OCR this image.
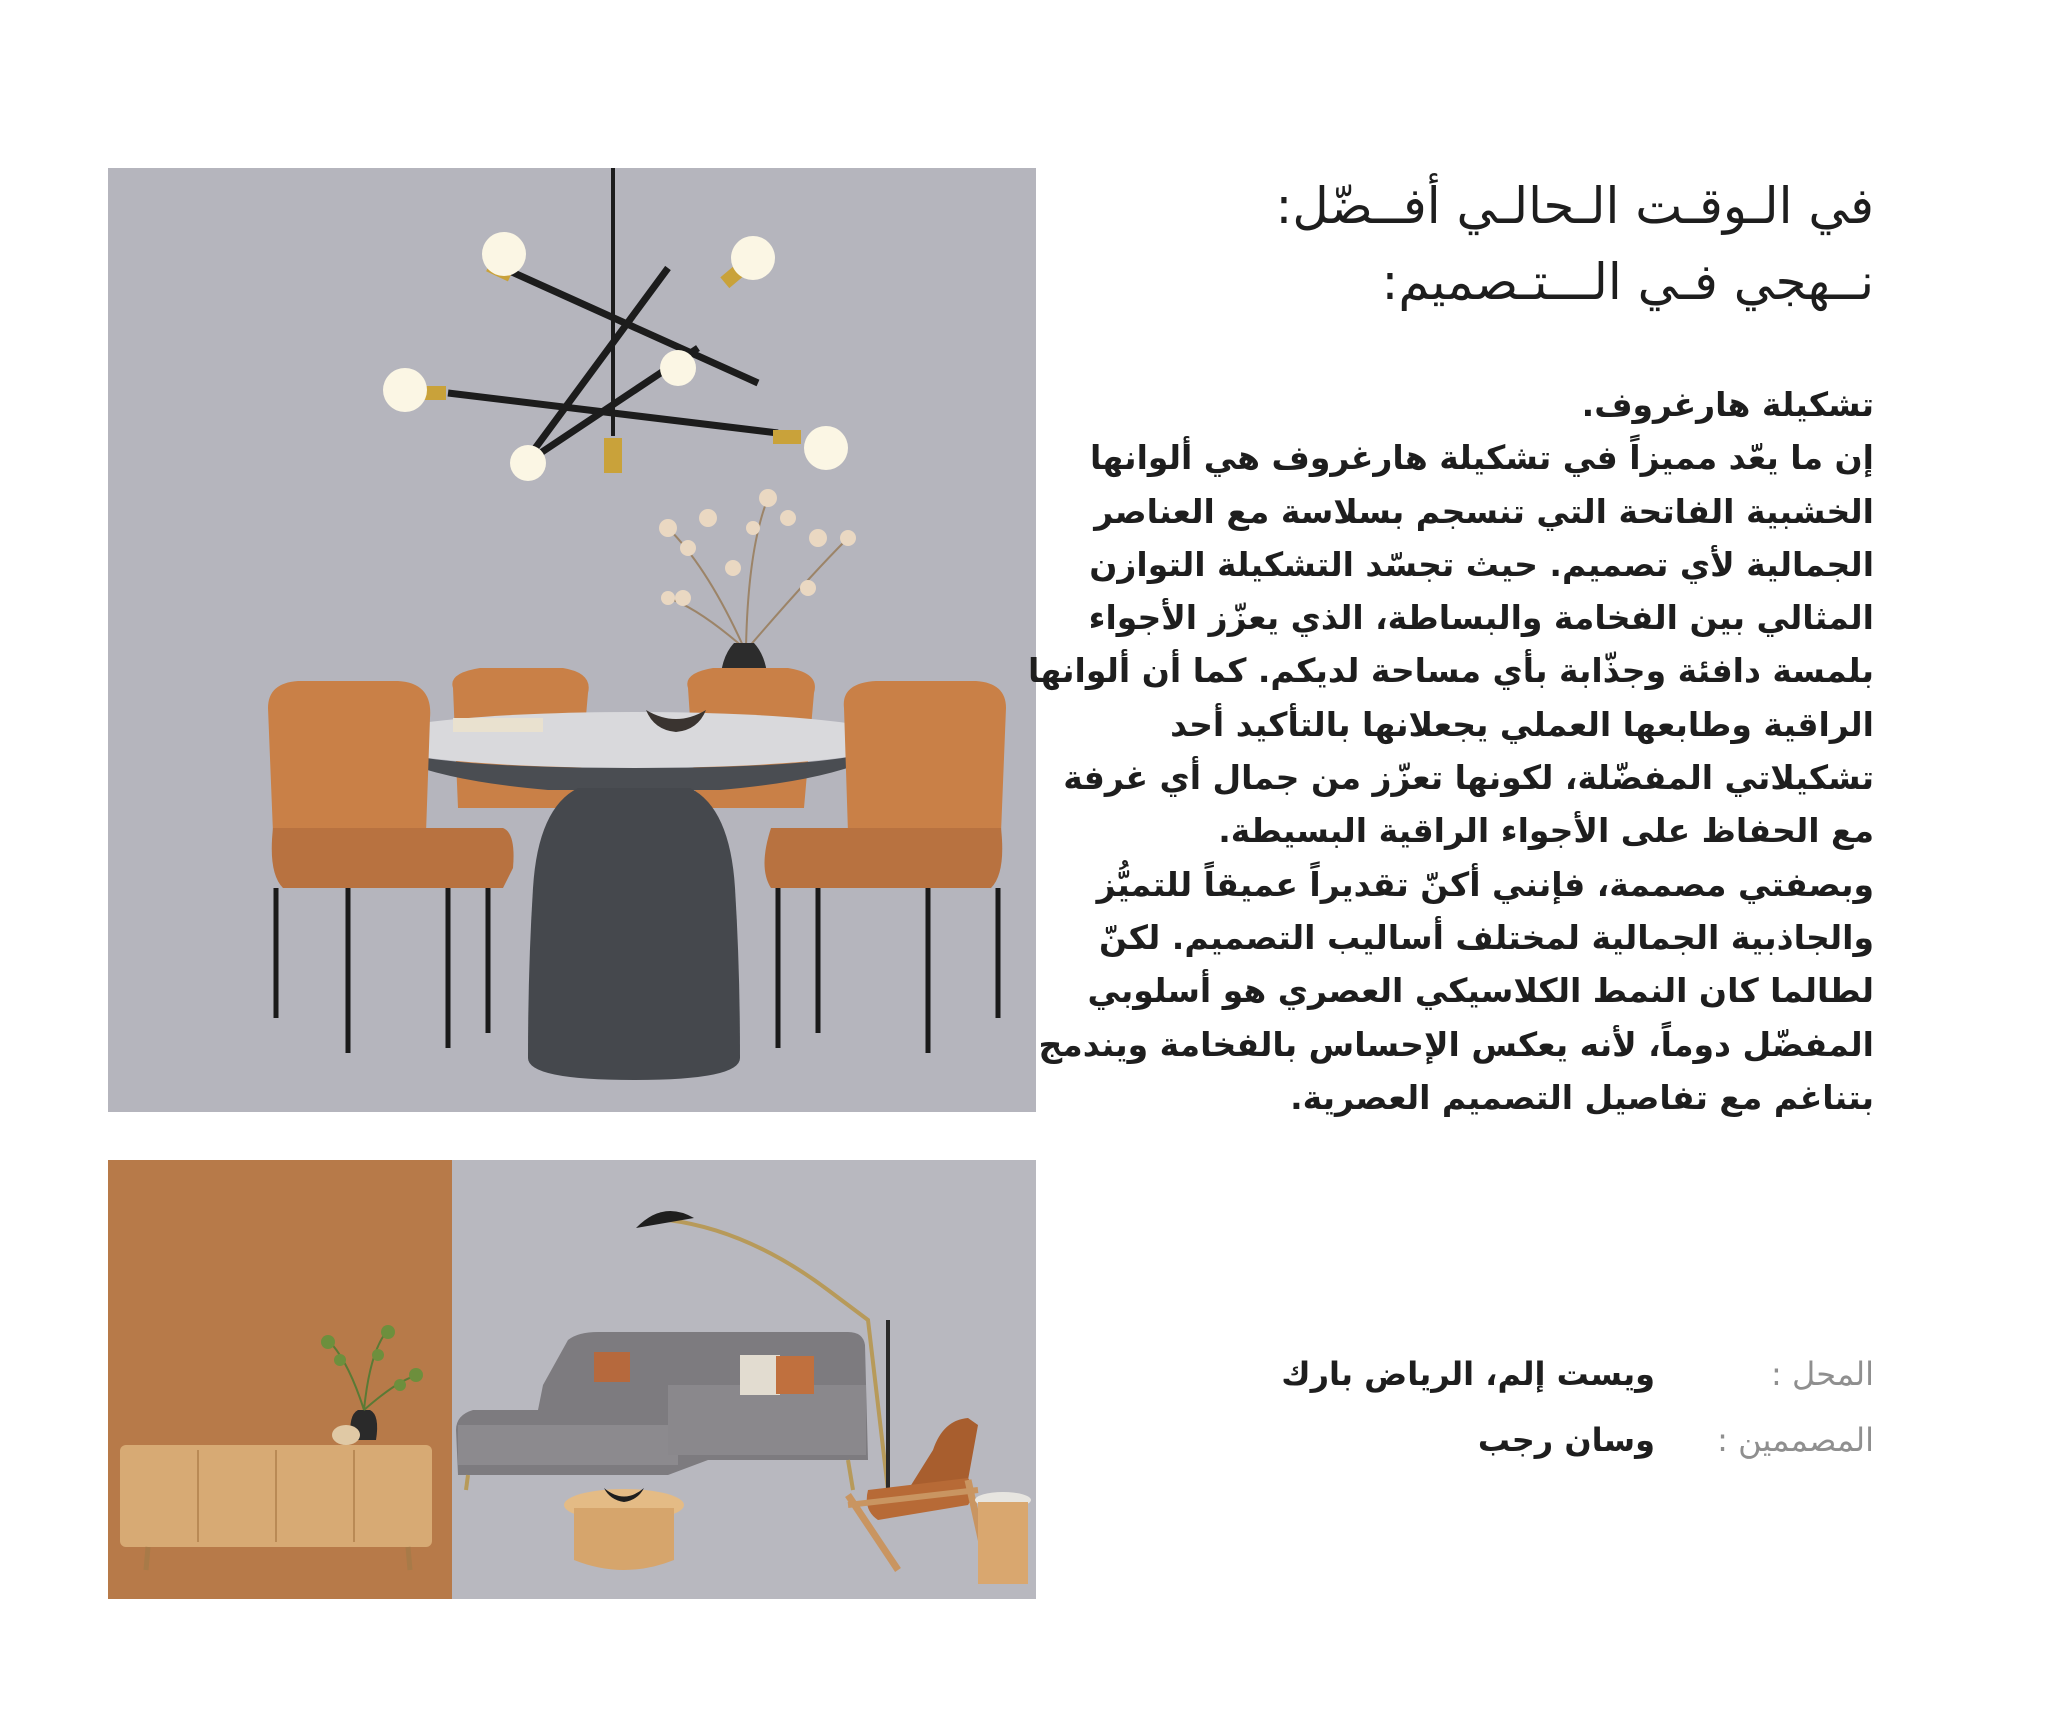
في الـوقـت الـحالـي أفــضّل:
نــهجي فـي الـــتـصميم:

تشكيلة هارغروف.

إن ما يعّد مميزاً في تشكيلة هارغروف هي ألوانها الخشبية الفاتحة التي تنسجم بسلاسة مع العناصر الجمالية لأي تصميم. حيث تجسّد التشكيلة التوازن المثالي بين الفخامة والبساطة، الذي يعزّز الأجواء بلمسة دافئة وجذّابة بأي مساحة لديكم. كما أن ألوانها الراقية وطابعها العملي يجعلانها بالتأكيد أحد تشكيلاتي المفضّلة، لكونها تعزّز من جمال أي غرفة مع الحفاظ على الأجواء الراقية البسيطة.

وبصفتي مصممة، فإنني أكنّ تقديراً عميقاً للتميُّز والجاذبية الجمالية لمختلف أساليب التصميم. لكنّ لطالما كان النمط الكلاسيكي العصري هو أسلوبي المفضّل دوماً، لأنه يعكس الإحساس بالفخامة ويندمج بتناغم مع تفاصيل التصميم العصرية.

المحل :
ويست إلم، الرياض بارك
المصممين :
وسان رجب
